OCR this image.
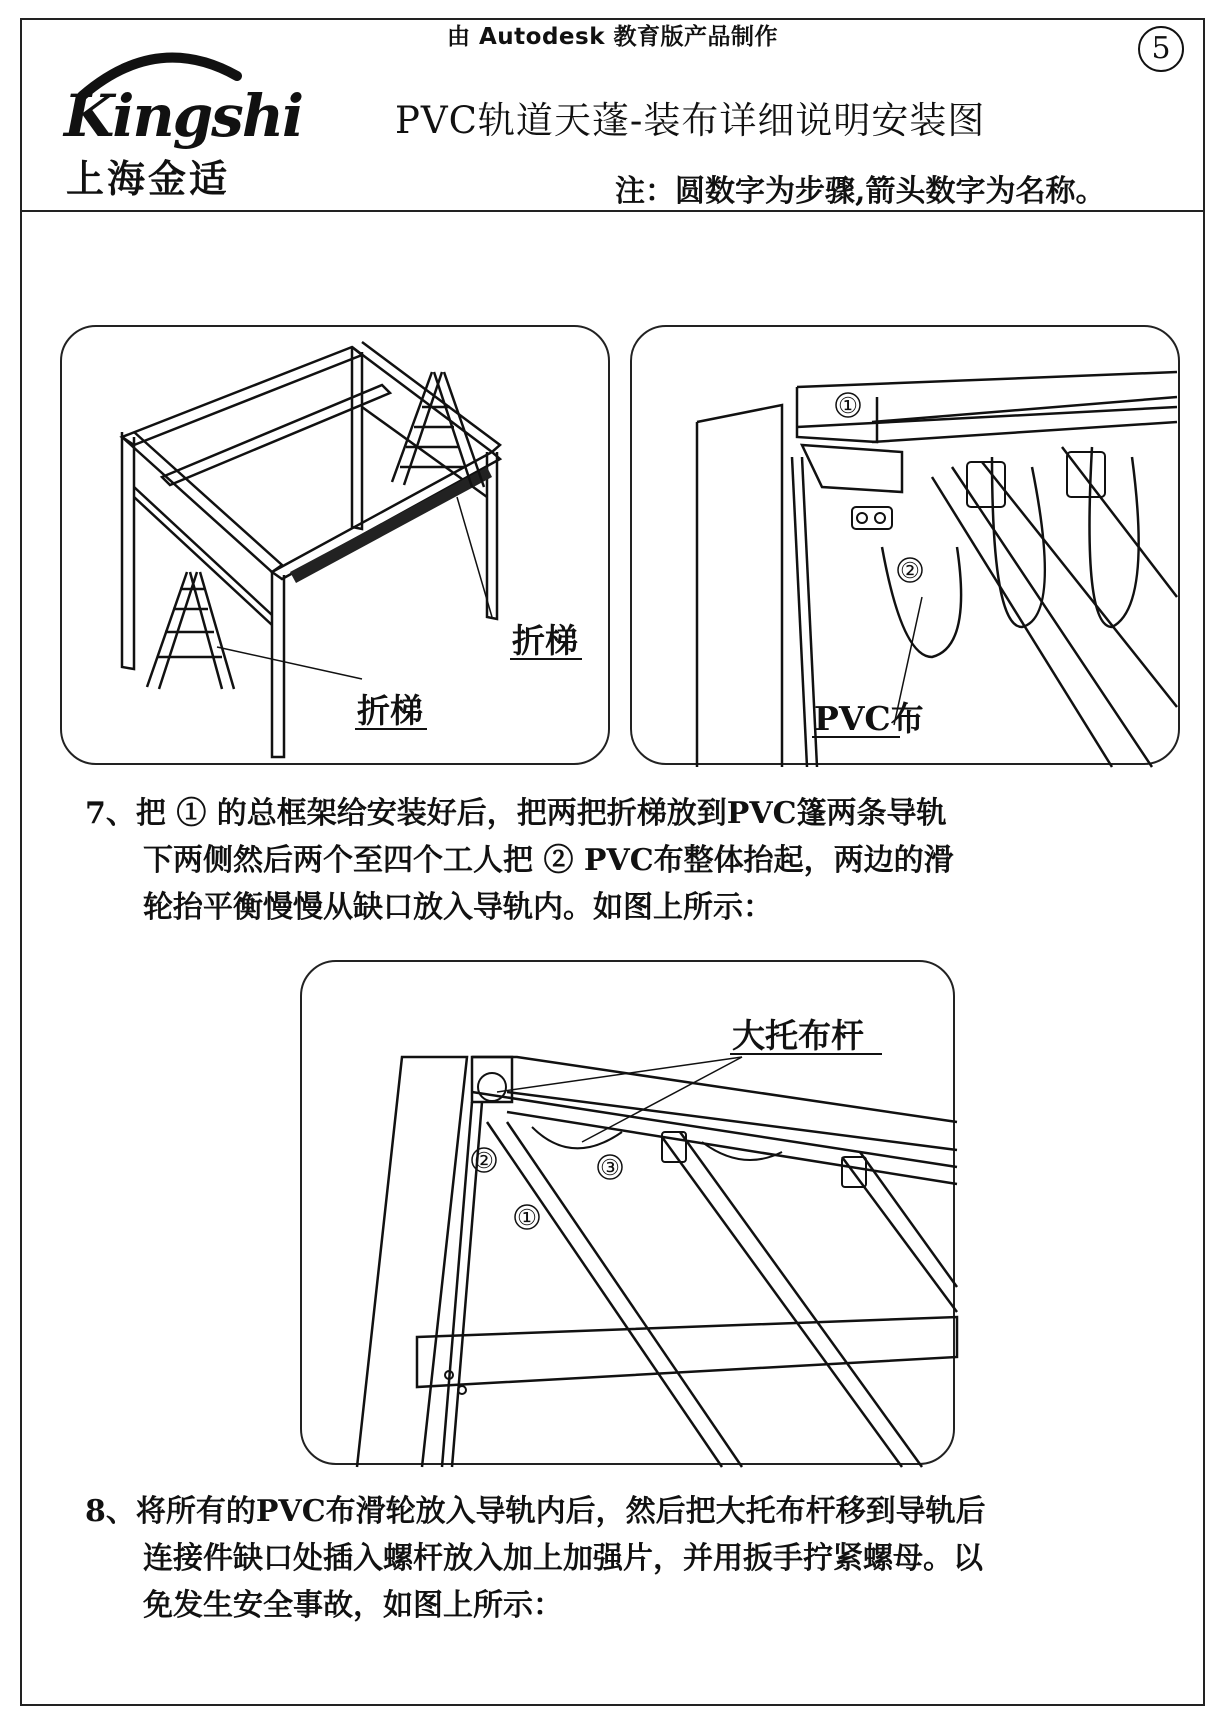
由 Autodesk 教育版产品制作	5
Kingshi
上海金适
PVC轨道天蓬-装布详细说明安装图
注：圆数字为步骤,箭头数字为名称。
折梯
折梯
①
②
PVC布
7、把 ① 的总框架给安装好后，把两把折梯放到PVC篷两条导轨
下两侧然后两个至四个工人把 ② PVC布整体抬起，两边的滑
轮抬平衡慢慢从缺口放入导轨内。如图上所示：
大托布杆
①
②	③
8、将所有的PVC布滑轮放入导轨内后，然后把大托布杆移到导轨后
连接件缺口处插入螺杆放入加上加强片，并用扳手拧紧螺母。以
免发生安全事故，如图上所示：
